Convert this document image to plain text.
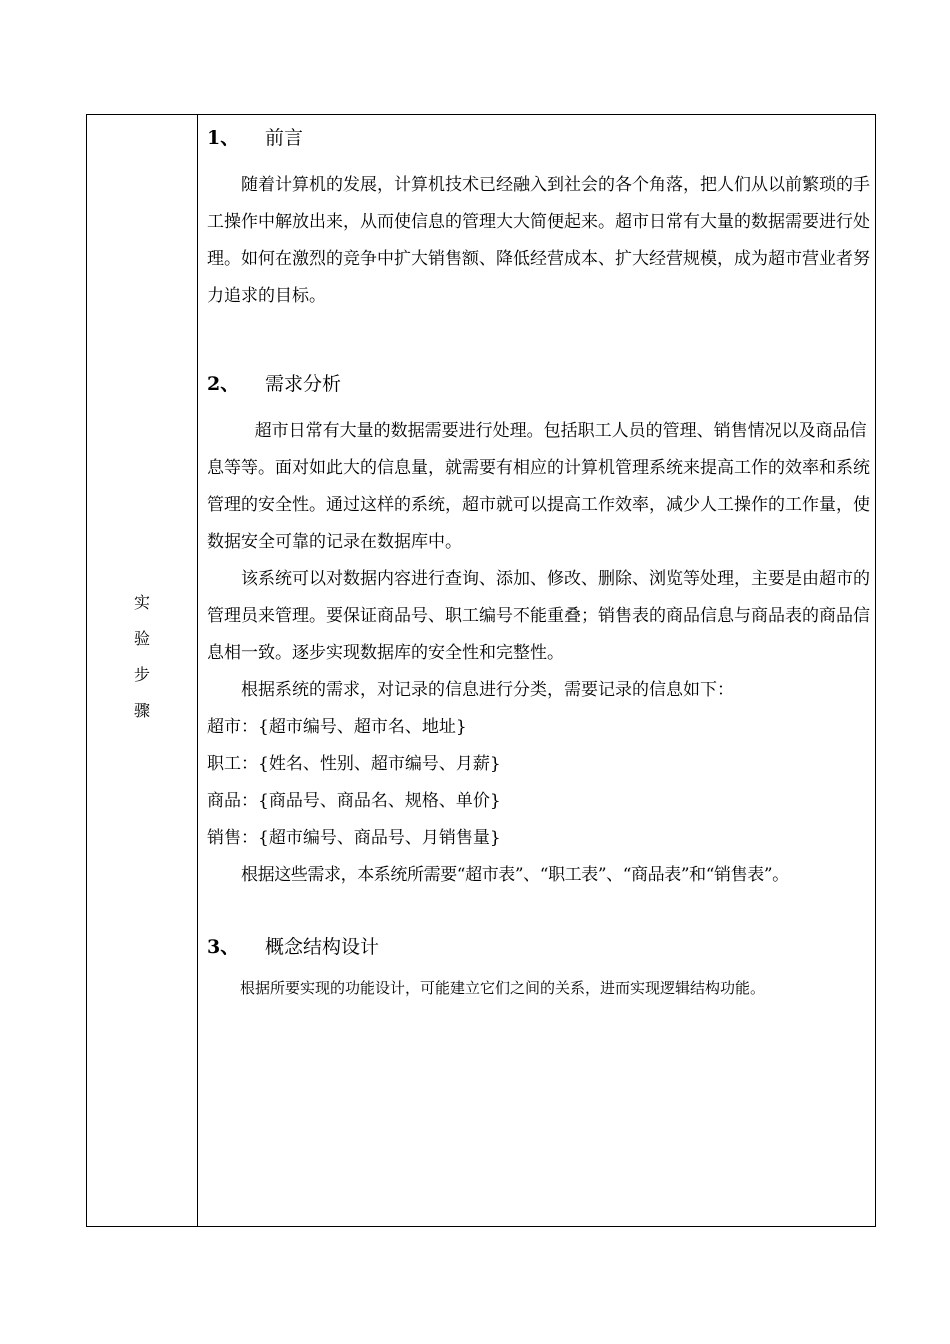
实
验
步
骤
1、 前言

随着计算机的发展，计算机技术已经融入到社会的各个角落，把人们从以前繁琐的手工操作中解放出来，从而使信息的管理大大简便起来。超市日常有大量的数据需要进行处理。如何在激烈的竞争中扩大销售额、降低经营成本、扩大经营规模，成为超市营业者努力追求的目标。

2、 需求分析

超市日常有大量的数据需要进行处理。包括职工人员的管理、销售情况以及商品信息等等。面对如此大的信息量，就需要有相应的计算机管理系统来提高工作的效率和系统管理的安全性。通过这样的系统，超市就可以提高工作效率，减少人工操作的工作量，使数据安全可靠的记录在数据库中。

该系统可以对数据内容进行查询、添加、修改、删除、浏览等处理，主要是由超市的管理员来管理。要保证商品号、职工编号不能重叠；销售表的商品信息与商品表的商品信息相一致。逐步实现数据库的安全性和完整性。

根据系统的需求，对记录的信息进行分类，需要记录的信息如下：

超市：{超市编号、超市名、地址}

职工：{姓名、性别、超市编号、月薪}

商品：{商品号、商品名、规格、单价}

销售：{超市编号、商品号、月销售量}

根据这些需求，本系统所需要“超市表”、“职工表”、“商品表”和“销售表”。

3、 概念结构设计

根据所要实现的功能设计，可能建立它们之间的关系，进而实现逻辑结构功能。
